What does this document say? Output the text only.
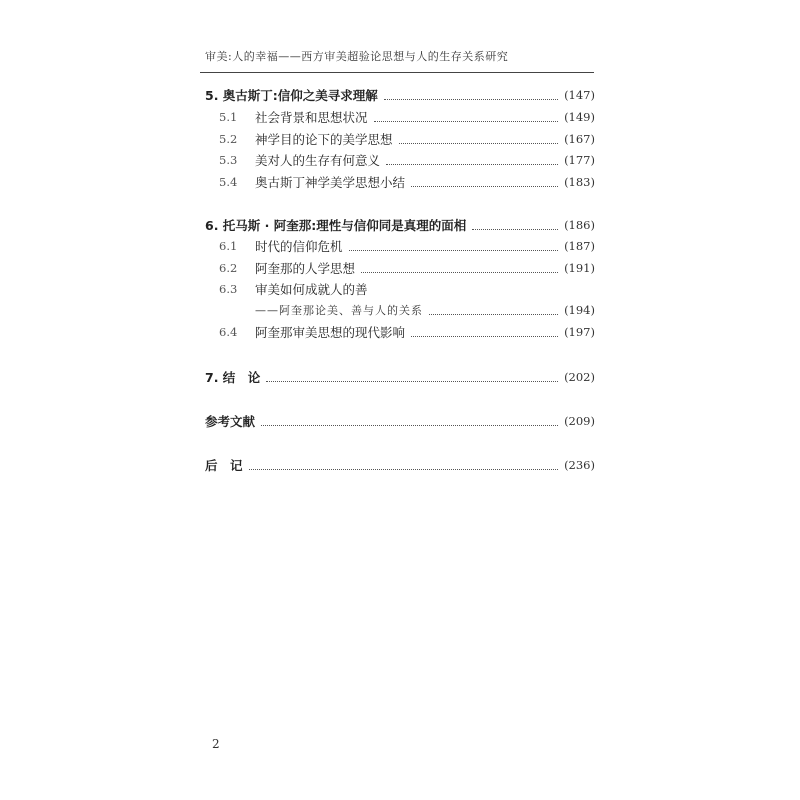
审美:人的幸福——西方审美超验论思想与人的生存关系研究
5. 奥古斯丁:信仰之美寻求理解	(147)
5.1	社会背景和思想状况	(149)
5.2	神学目的论下的美学思想	(167)
5.3	美对人的生存有何意义	(177)
5.4	奥古斯丁神学美学思想小结	(183)
6. 托马斯 · 阿奎那:理性与信仰同是真理的面相	(186)
6.1	时代的信仰危机	(187)
6.2	阿奎那的人学思想	(191)
6.3	审美如何成就人的善
——阿奎那论美、善与人的关系	(194)
6.4	阿奎那审美思想的现代影响	(197)
7. 结　论	(202)
参考文献	(209)
后　记	(236)
2
